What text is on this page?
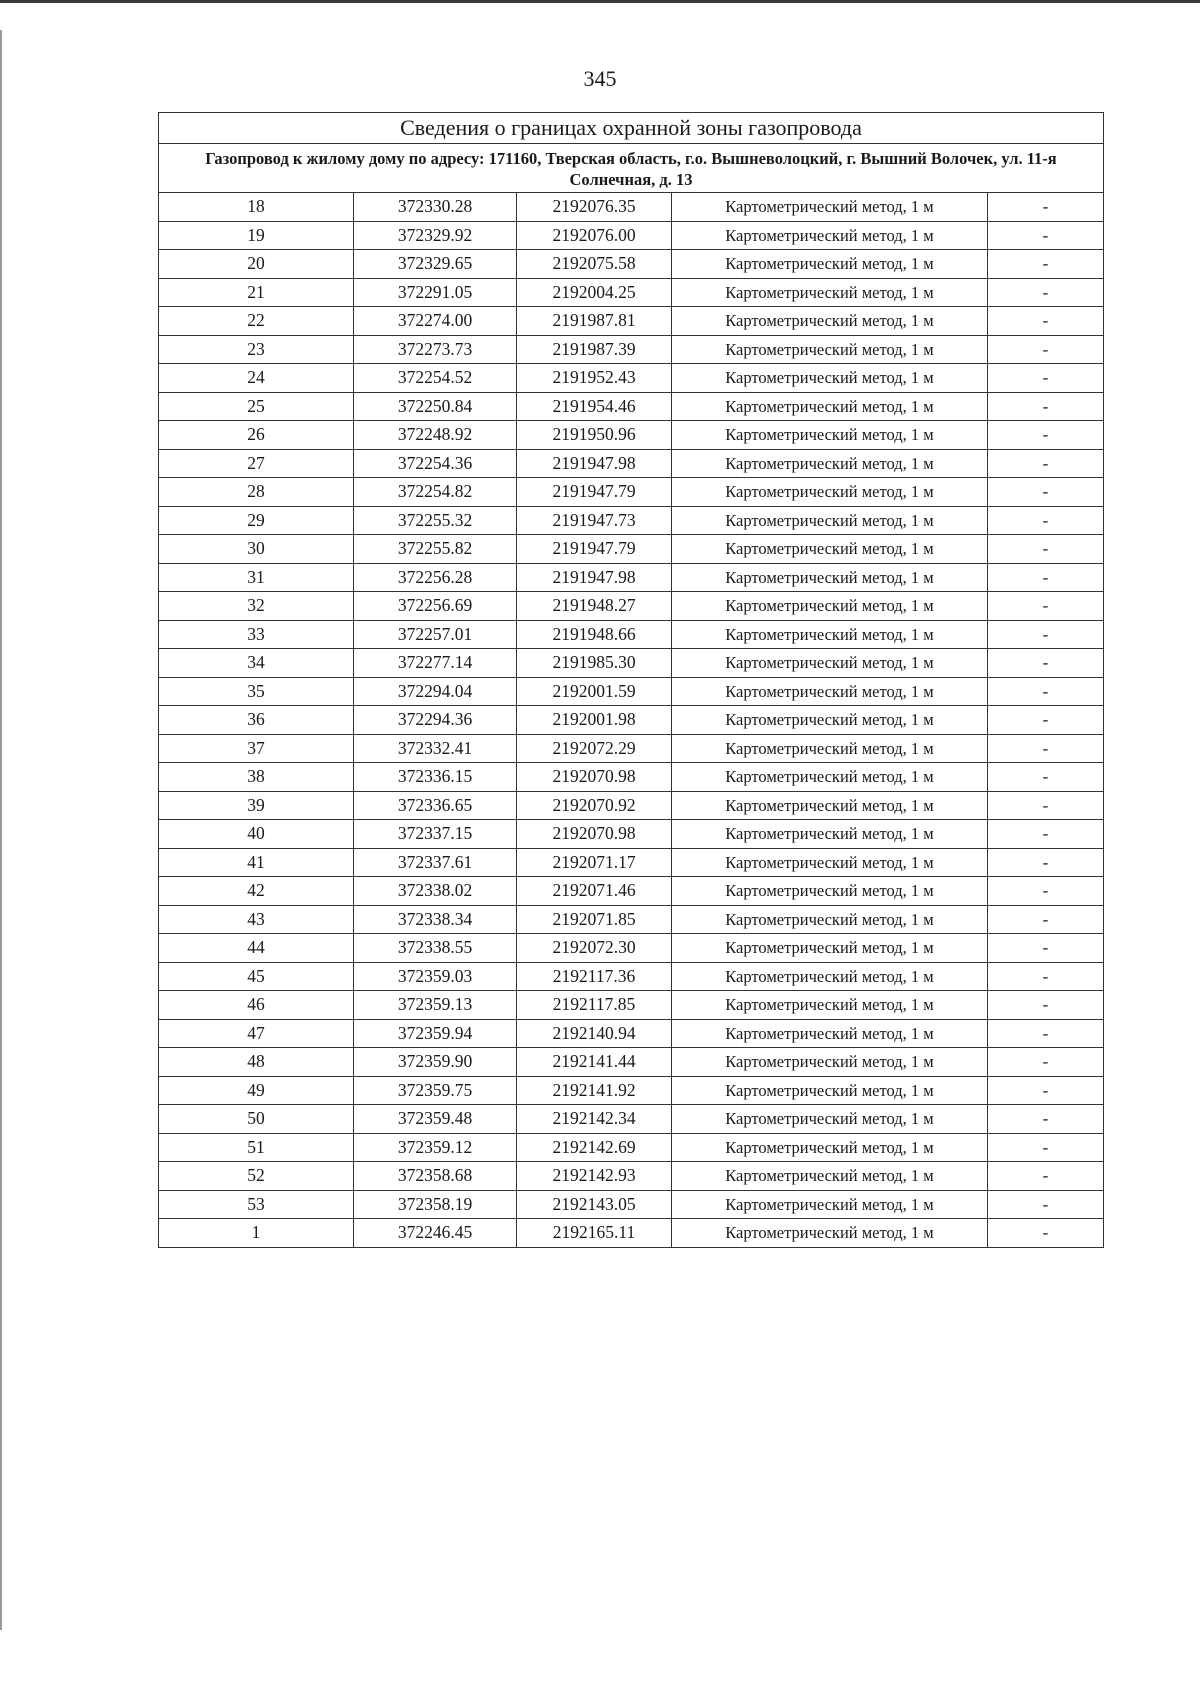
345
Сведения о границах охранной зоны газопровода				
Газопровод к жилому дому по адресу: 171160, Тверская область, г.о. Вышневолоцкий, г. Вышний Волочек, ул. 11-я Солнечная, д. 13				
18	372330.28	2192076.35	Картометрический метод, 1 м	-
19	372329.92	2192076.00	Картометрический метод, 1 м	-
20	372329.65	2192075.58	Картометрический метод, 1 м	-
21	372291.05	2192004.25	Картометрический метод, 1 м	-
22	372274.00	2191987.81	Картометрический метод, 1 м	-
23	372273.73	2191987.39	Картометрический метод, 1 м	-
24	372254.52	2191952.43	Картометрический метод, 1 м	-
25	372250.84	2191954.46	Картометрический метод, 1 м	-
26	372248.92	2191950.96	Картометрический метод, 1 м	-
27	372254.36	2191947.98	Картометрический метод, 1 м	-
28	372254.82	2191947.79	Картометрический метод, 1 м	-
29	372255.32	2191947.73	Картометрический метод, 1 м	-
30	372255.82	2191947.79	Картометрический метод, 1 м	-
31	372256.28	2191947.98	Картометрический метод, 1 м	-
32	372256.69	2191948.27	Картометрический метод, 1 м	-
33	372257.01	2191948.66	Картометрический метод, 1 м	-
34	372277.14	2191985.30	Картометрический метод, 1 м	-
35	372294.04	2192001.59	Картометрический метод, 1 м	-
36	372294.36	2192001.98	Картометрический метод, 1 м	-
37	372332.41	2192072.29	Картометрический метод, 1 м	-
38	372336.15	2192070.98	Картометрический метод, 1 м	-
39	372336.65	2192070.92	Картометрический метод, 1 м	-
40	372337.15	2192070.98	Картометрический метод, 1 м	-
41	372337.61	2192071.17	Картометрический метод, 1 м	-
42	372338.02	2192071.46	Картометрический метод, 1 м	-
43	372338.34	2192071.85	Картометрический метод, 1 м	-
44	372338.55	2192072.30	Картометрический метод, 1 м	-
45	372359.03	2192117.36	Картометрический метод, 1 м	-
46	372359.13	2192117.85	Картометрический метод, 1 м	-
47	372359.94	2192140.94	Картометрический метод, 1 м	-
48	372359.90	2192141.44	Картометрический метод, 1 м	-
49	372359.75	2192141.92	Картометрический метод, 1 м	-
50	372359.48	2192142.34	Картометрический метод, 1 м	-
51	372359.12	2192142.69	Картометрический метод, 1 м	-
52	372358.68	2192142.93	Картометрический метод, 1 м	-
53	372358.19	2192143.05	Картометрический метод, 1 м	-
1	372246.45	2192165.11	Картометрический метод, 1 м	-
